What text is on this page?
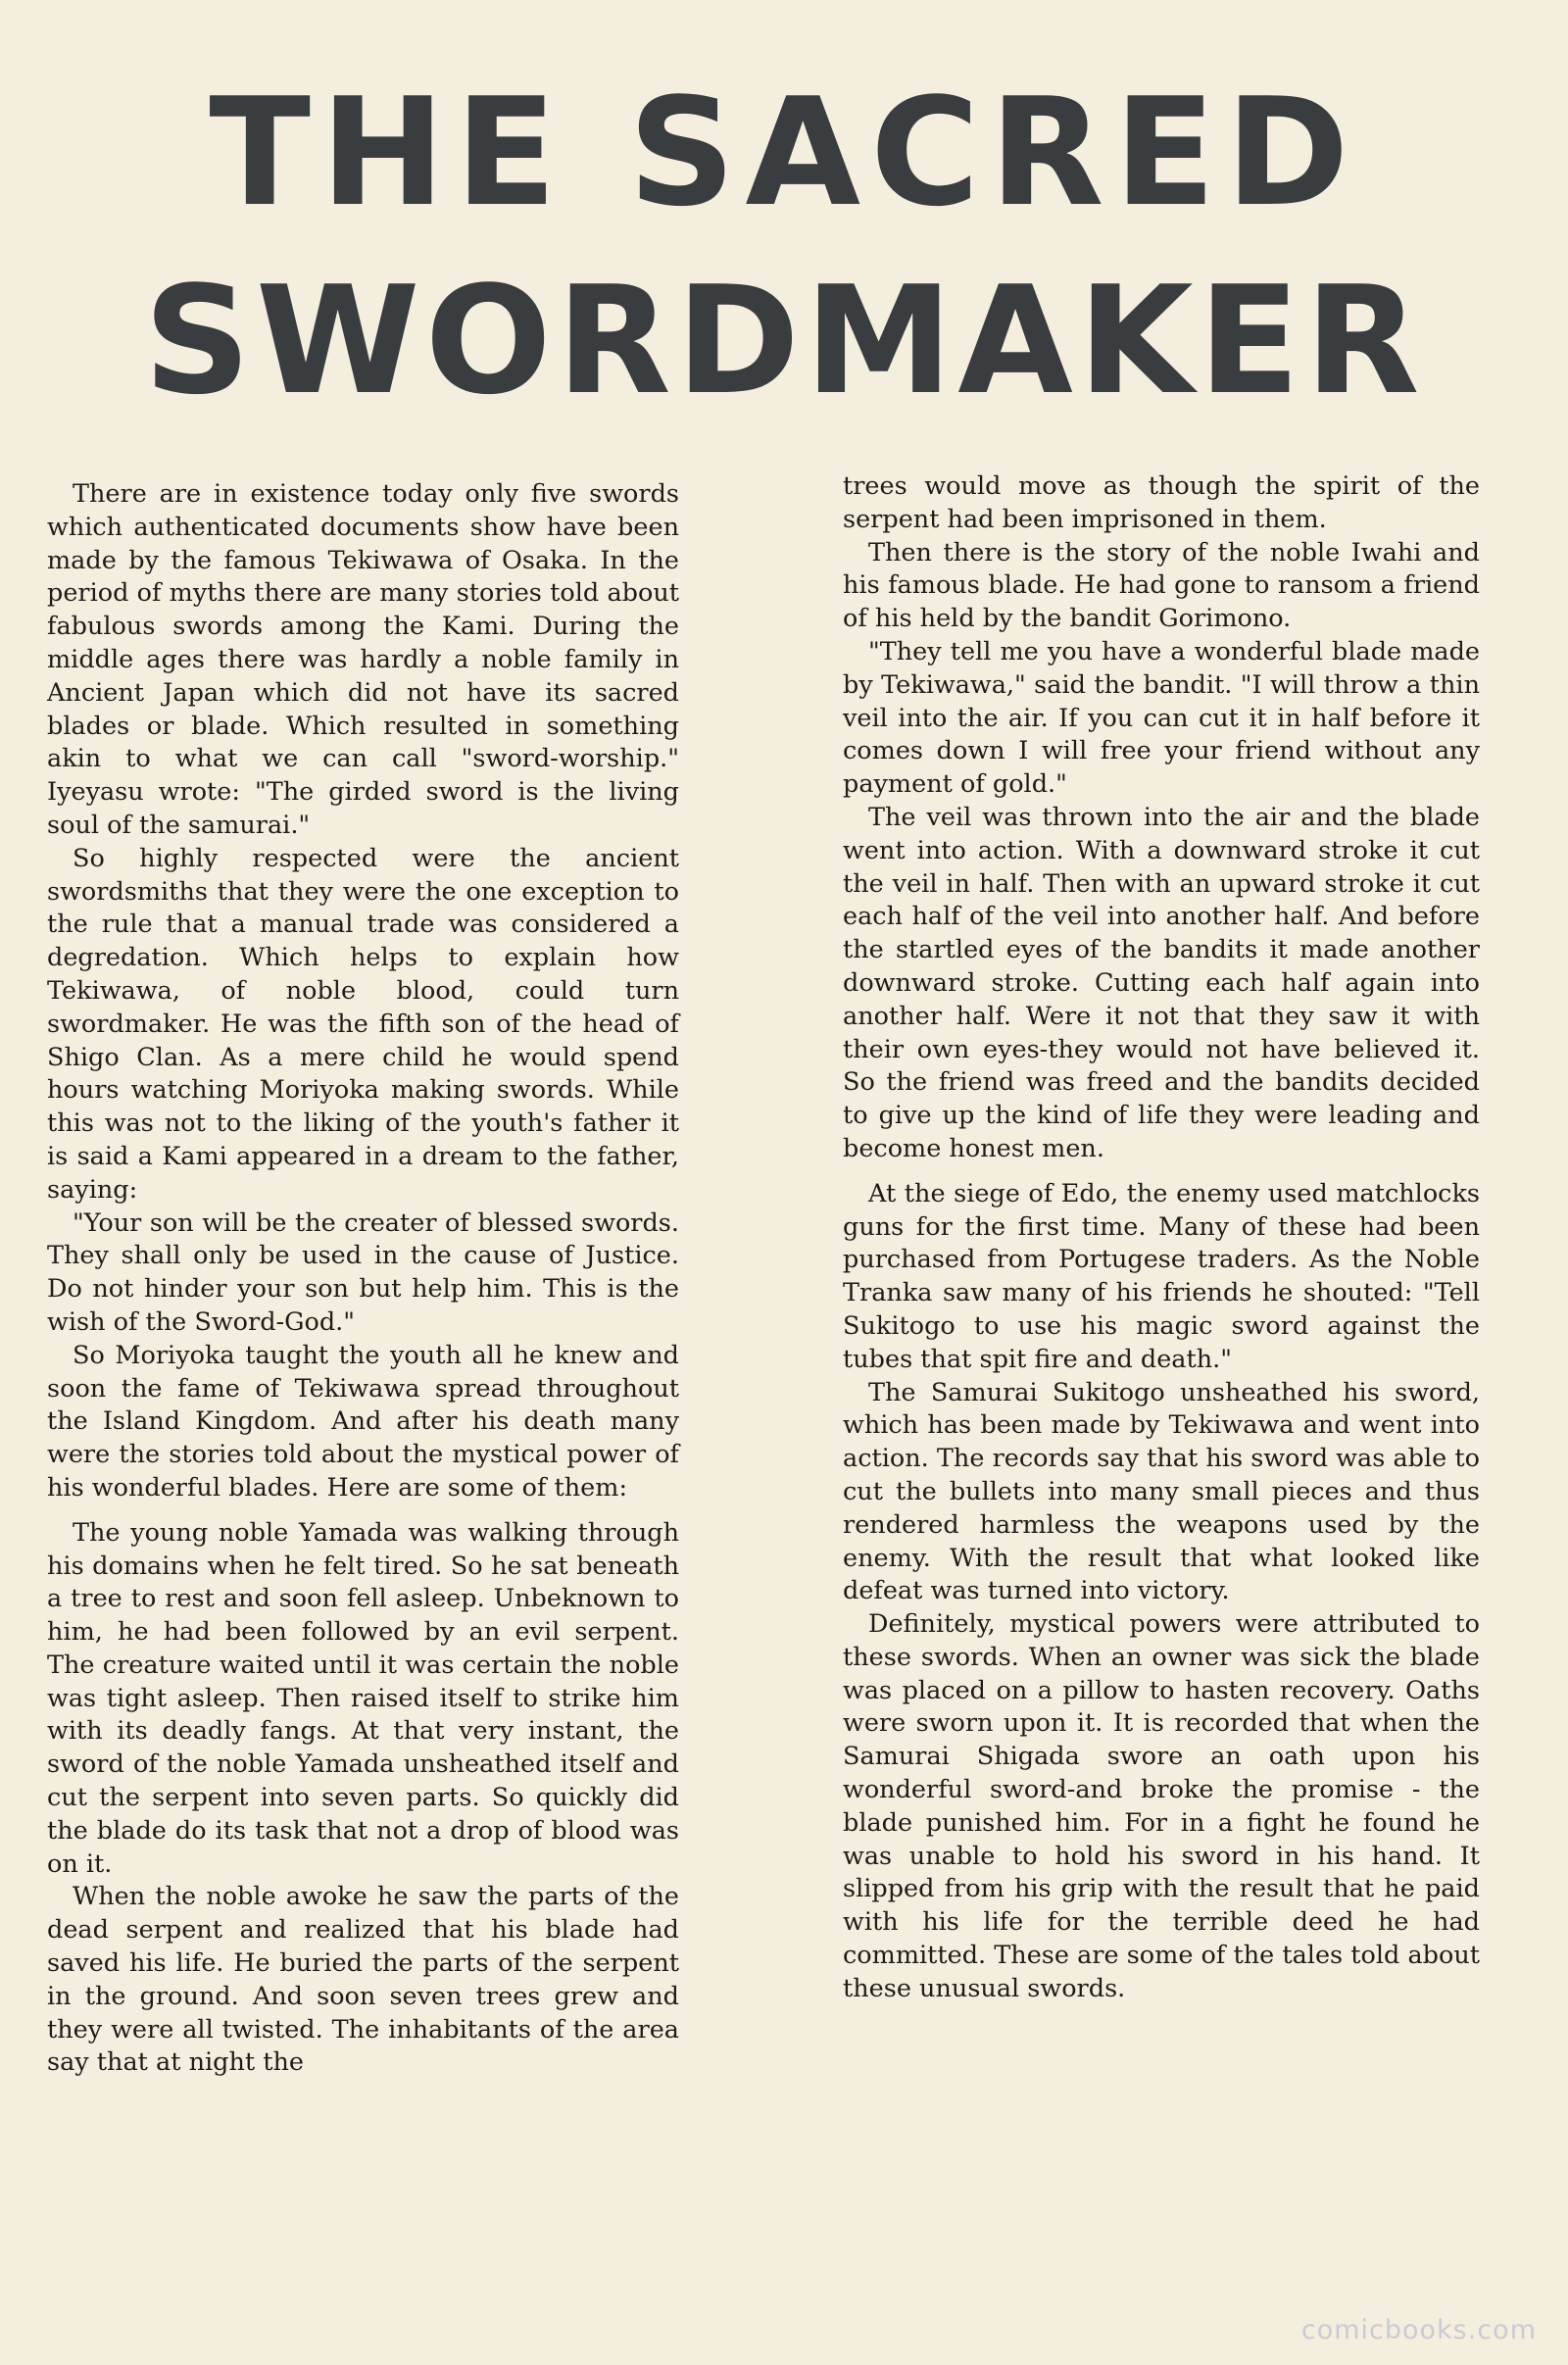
THE SACRED
SWORDMAKER

There are in existence today only five swords which authenticated documents show have been made by the famous Tekiwawa of Osaka. In the period of myths there are many stories told about fabulous swords among the Kami. During the middle ages there was hardly a noble family in Ancient Japan which did not have its sacred blades or blade. Which resulted in something akin to what we can call "sword-worship." Iyeyasu wrote: "The girded sword is the living soul of the samurai."

So highly respected were the ancient swordsmiths that they were the one exception to the rule that a manual trade was considered a degredation. Which helps to explain how Tekiwawa, of noble blood, could turn swordmaker. He was the fifth son of the head of Shigo Clan. As a mere child he would spend hours watching Moriyoka making swords. While this was not to the liking of the youth's father it is said a Kami appeared in a dream to the father, saying:

"Your son will be the creater of blessed swords. They shall only be used in the cause of Justice. Do not hinder your son but help him. This is the wish of the Sword-God."

So Moriyoka taught the youth all he knew and soon the fame of Tekiwawa spread throughout the Island Kingdom. And after his death many were the stories told about the mystical power of his wonderful blades. Here are some of them:

The young noble Yamada was walking through his domains when he felt tired. So he sat beneath a tree to rest and soon fell asleep. Unbeknown to him, he had been followed by an evil serpent. The creature waited until it was certain the noble was tight asleep. Then raised itself to strike him with its deadly fangs. At that very instant, the sword of the noble Yamada unsheathed itself and cut the serpent into seven parts. So quickly did the blade do its task that not a drop of blood was on it.

When the noble awoke he saw the parts of the dead serpent and realized that his blade had saved his life. He buried the parts of the serpent in the ground. And soon seven trees grew and they were all twisted. The inhabitants of the area say that at night the

trees would move as though the spirit of the serpent had been imprisoned in them.

Then there is the story of the noble Iwahi and his famous blade. He had gone to ransom a friend of his held by the bandit Gorimono.

"They tell me you have a wonderful blade made by Tekiwawa," said the bandit. "I will throw a thin veil into the air. If you can cut it in half before it comes down I will free your friend without any payment of gold."

The veil was thrown into the air and the blade went into action. With a downward stroke it cut the veil in half. Then with an upward stroke it cut each half of the veil into another half. And before the startled eyes of the bandits it made another downward stroke. Cutting each half again into another half. Were it not that they saw it with their own eyes-they would not have believed it. So the friend was freed and the bandits decided to give up the kind of life they were leading and become honest men.

At the siege of Edo, the enemy used matchlocks guns for the first time. Many of these had been purchased from Portugese traders. As the Noble Tranka saw many of his friends he shouted: "Tell Sukitogo to use his magic sword against the tubes that spit fire and death."

The Samurai Sukitogo unsheathed his sword, which has been made by Tekiwawa and went into action. The records say that his sword was able to cut the bullets into many small pieces and thus rendered harmless the weapons used by the enemy. With the result that what looked like defeat was turned into victory.

Definitely, mystical powers were attributed to these swords. When an owner was sick the blade was placed on a pillow to hasten recovery. Oaths were sworn upon it. It is recorded that when the Samurai Shigada swore an oath upon his wonderful sword-and broke the promise - the blade punished him. For in a fight he found he was unable to hold his sword in his hand. It slipped from his grip with the result that he paid with his life for the terrible deed he had committed. These are some of the tales told about these unusual swords.

comicbooks.com
